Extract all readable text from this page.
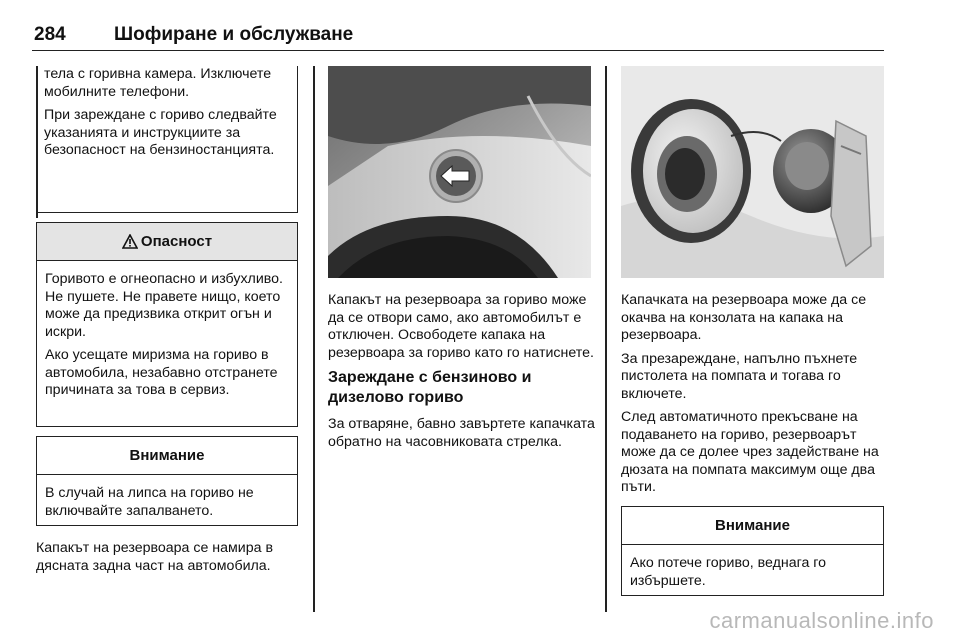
284	Шофиране и обслужване

тела с горивна камера. Изключете мобилните телефони.

При зареждане с гориво следвайте указанията и инструкциите за безопасност на бензиностанцията.

Опасност

Горивото е огнеопасно и избухливо. Не пушете. Не правете нищо, което може да предизвика открит огън и искри.

Ако усещате миризма на гориво в автомобила, незабавно отстранете причината за това в сервиз.

Внимание

В случай на липса на гориво не включвайте запалването.

Капакът на резервоара се намира в дясната задна част на автомобила.

Капакът на резервоара за гориво може да се отвори само, ако автомобилът е отключен. Освободете капака на резервоара за гориво като го натиснете.

Зареждане с бензиново и дизелово гориво

За отваряне, бавно завъртете капачката обратно на часовниковата стрелка.

Капачката на резервоара може да се окачва на конзолата на капака на резервоара.

За презареждане, напълно пъхнете пистолета на помпата и тогава го включете.

След автоматичното прекъсване на подаването на гориво, резервоарът може да се долее чрез задействане на дюзата на помпата максимум още два пъти.

Внимание

Ако потече гориво, веднага го избършете.

carmanualsonline.info
